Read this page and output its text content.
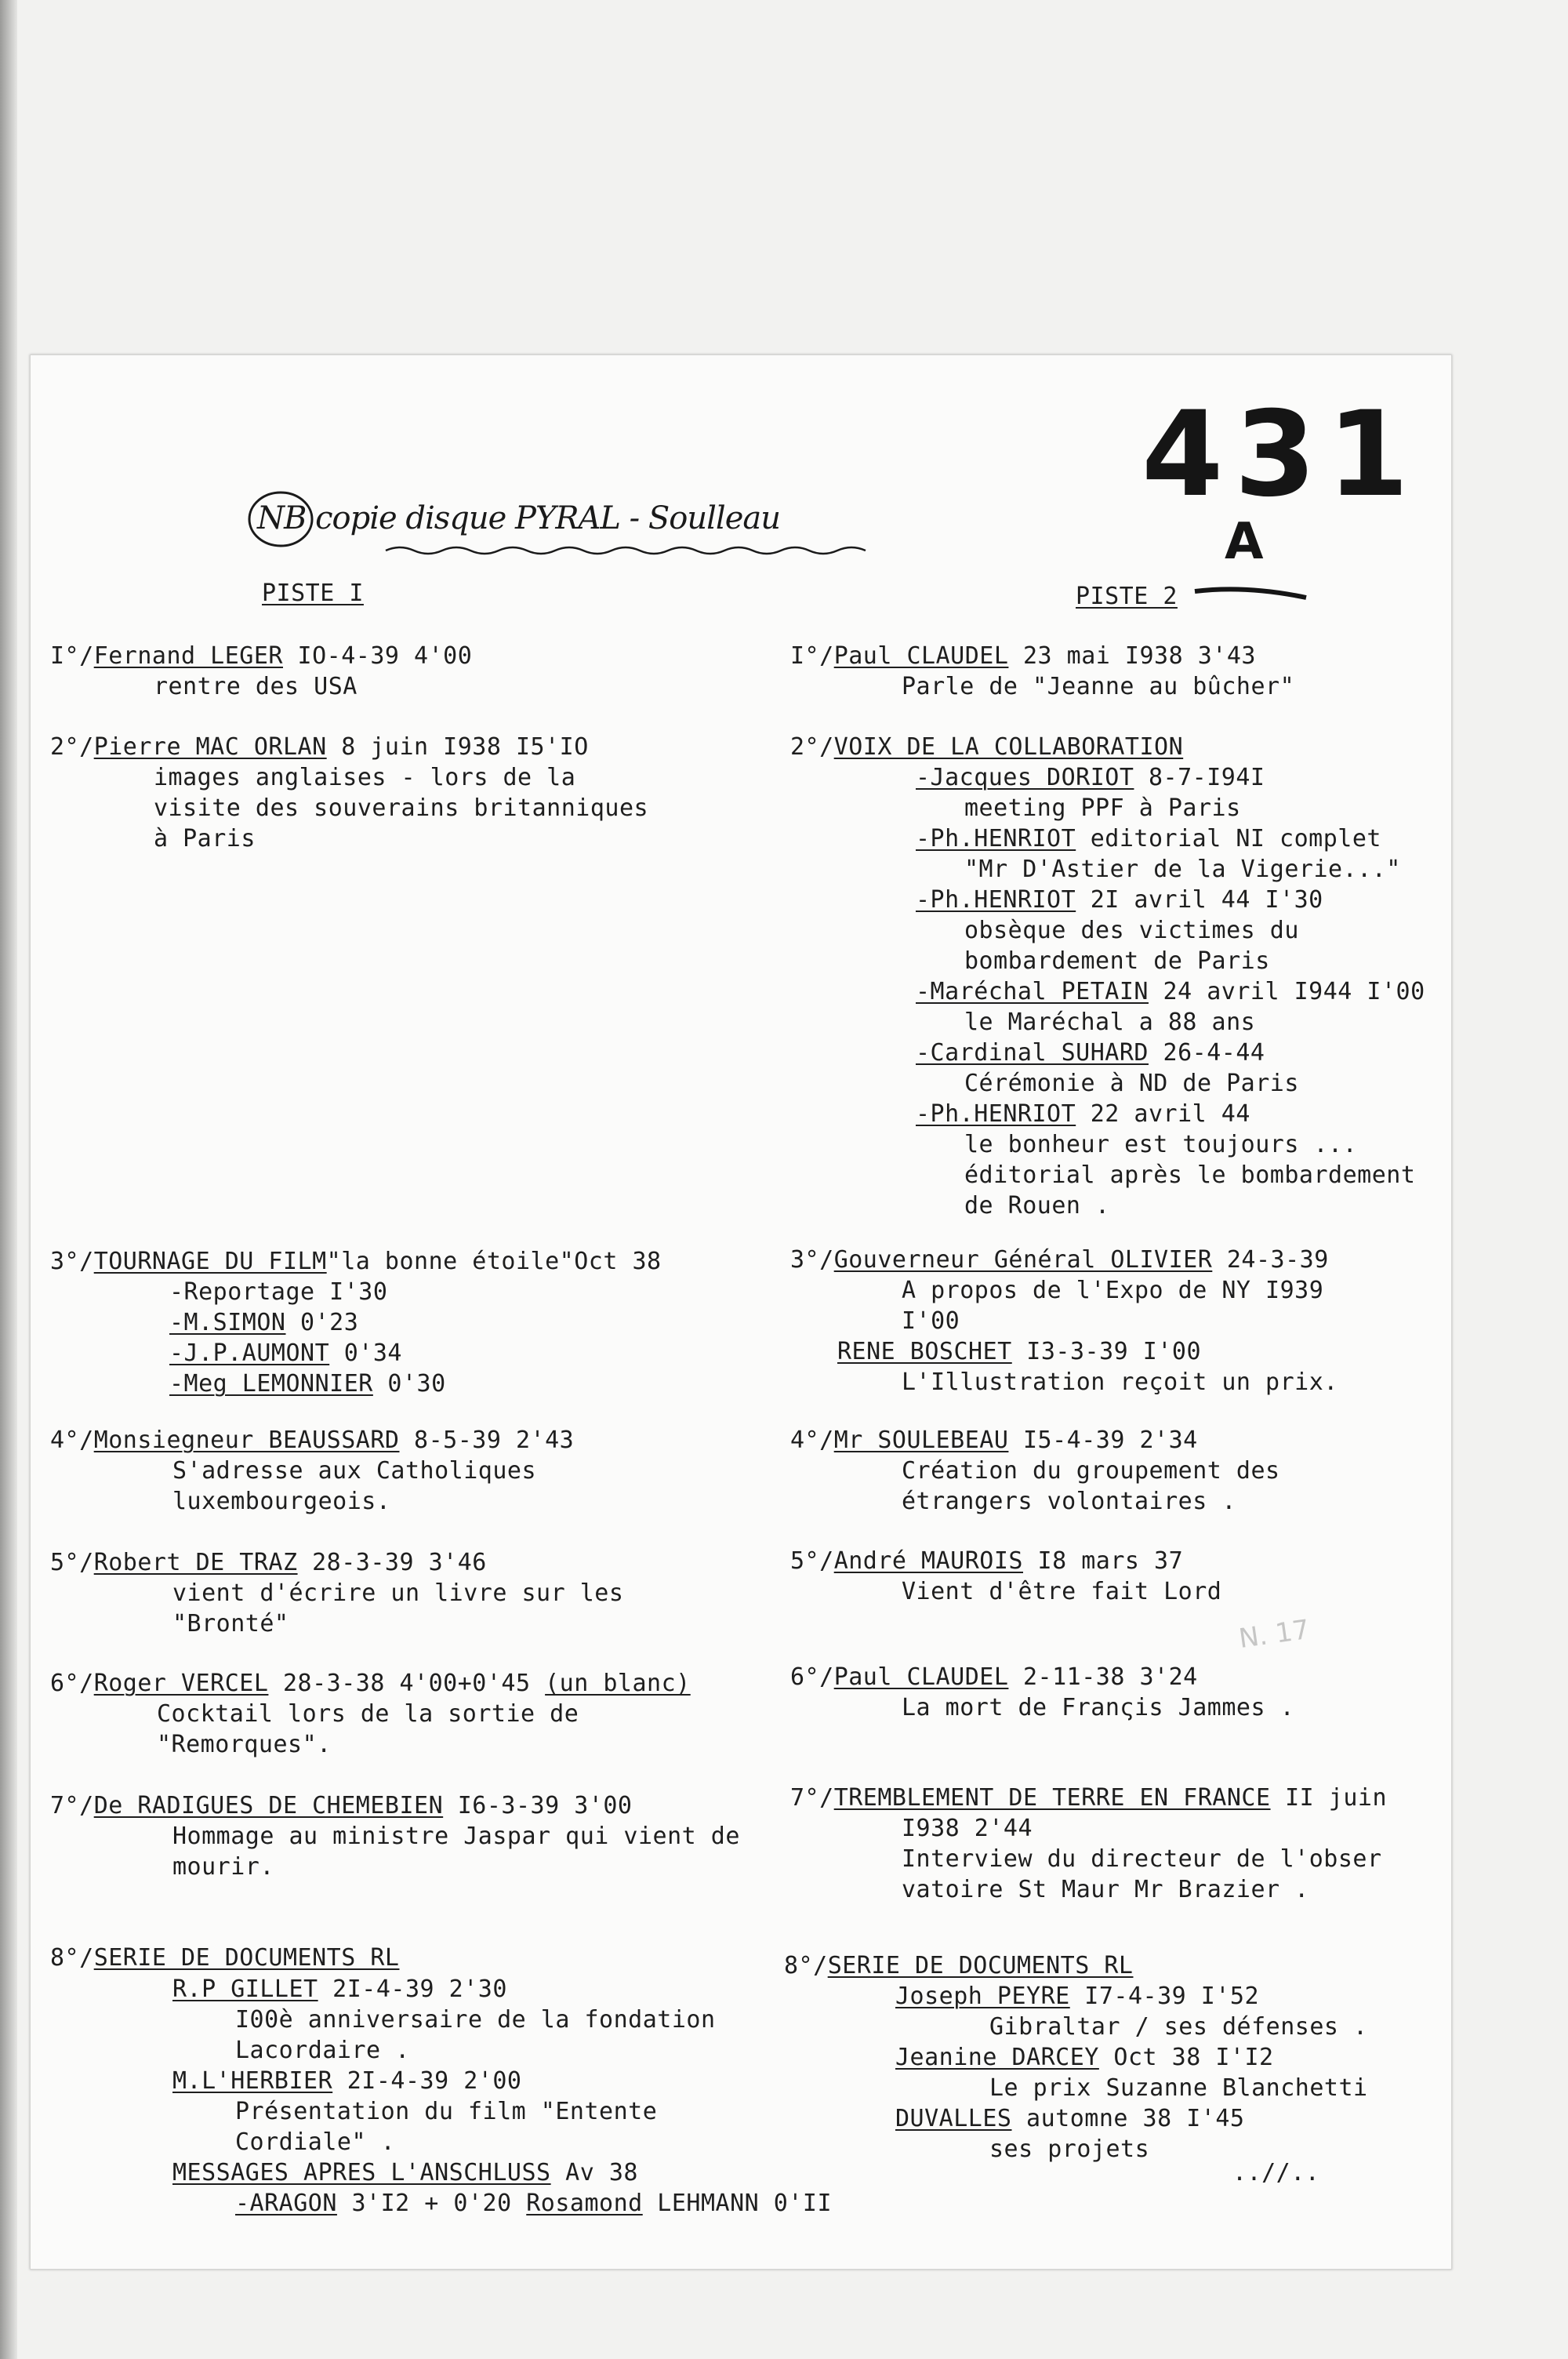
431
A
NB copie disque PYRAL - Soulleau
N. 17
PISTE I
I°/Fernand LEGER IO-4-39 4'00
rentre des USA
2°/Pierre MAC ORLAN 8 juin I938 I5'IO
images anglaises - lors de la
visite des souverains britanniques
à Paris
3°/TOURNAGE DU FILM"la bonne étoile"Oct 38
-Reportage I'30
-M.SIMON 0'23
-J.P.AUMONT 0'34
-Meg LEMONNIER 0'30
4°/Monsiegneur BEAUSSARD 8-5-39 2'43
S'adresse aux Catholiques
luxembourgeois.
5°/Robert DE TRAZ 28-3-39 3'46
vient d'écrire un livre sur les
"Bronté"
6°/Roger VERCEL 28-3-38 4'00+0'45 (un blanc)
Cocktail lors de la sortie de
"Remorques".
7°/De RADIGUES DE CHEMEBIEN I6-3-39 3'00
Hommage au ministre Jaspar qui vient de
mourir.
8°/SERIE DE DOCUMENTS RL
R.P GILLET 2I-4-39 2'30
I00è anniversaire de la fondation
Lacordaire .
M.L'HERBIER 2I-4-39 2'00
Présentation du film "Entente
Cordiale" .
MESSAGES APRES L'ANSCHLUSS Av 38
-ARAGON 3'I2 + 0'20 Rosamond LEHMANN 0'II
PISTE 2
I°/Paul CLAUDEL 23 mai I938 3'43
Parle de "Jeanne au bûcher"
2°/VOIX DE LA COLLABORATION
-Jacques DORIOT 8-7-I94I
meeting PPF à Paris
-Ph.HENRIOT editorial NI complet
"Mr D'Astier de la Vigerie..."
-Ph.HENRIOT 2I avril 44 I'30
obsèque des victimes du
bombardement de Paris
-Maréchal PETAIN 24 avril I944 I'00
le Maréchal a 88 ans
-Cardinal SUHARD 26-4-44
Cérémonie à ND de Paris
-Ph.HENRIOT 22 avril 44
le bonheur est toujours ...
éditorial après le bombardement
de Rouen .
3°/Gouverneur Général OLIVIER 24-3-39
A propos de l'Expo de NY I939
I'00
RENE BOSCHET I3-3-39 I'00
L'Illustration reçoit un prix.
4°/Mr SOULEBEAU I5-4-39 2'34
Création du groupement des
étrangers volontaires .
5°/André MAUROIS I8 mars 37
Vient d'être fait Lord
6°/Paul CLAUDEL 2-11-38 3'24
La mort de Franςis Jammes .
7°/TREMBLEMENT DE TERRE EN FRANCE II juin
I938 2'44
Interview du directeur de l'obser
vatoire St Maur Mr Brazier .
8°/SERIE DE DOCUMENTS RL
Joseph PEYRE I7-4-39 I'52
Gibraltar / ses défenses .
Jeanine DARCEY Oct 38 I'I2
Le prix Suzanne Blanchetti
DUVALLES automne 38 I'45
ses projets
..//..
